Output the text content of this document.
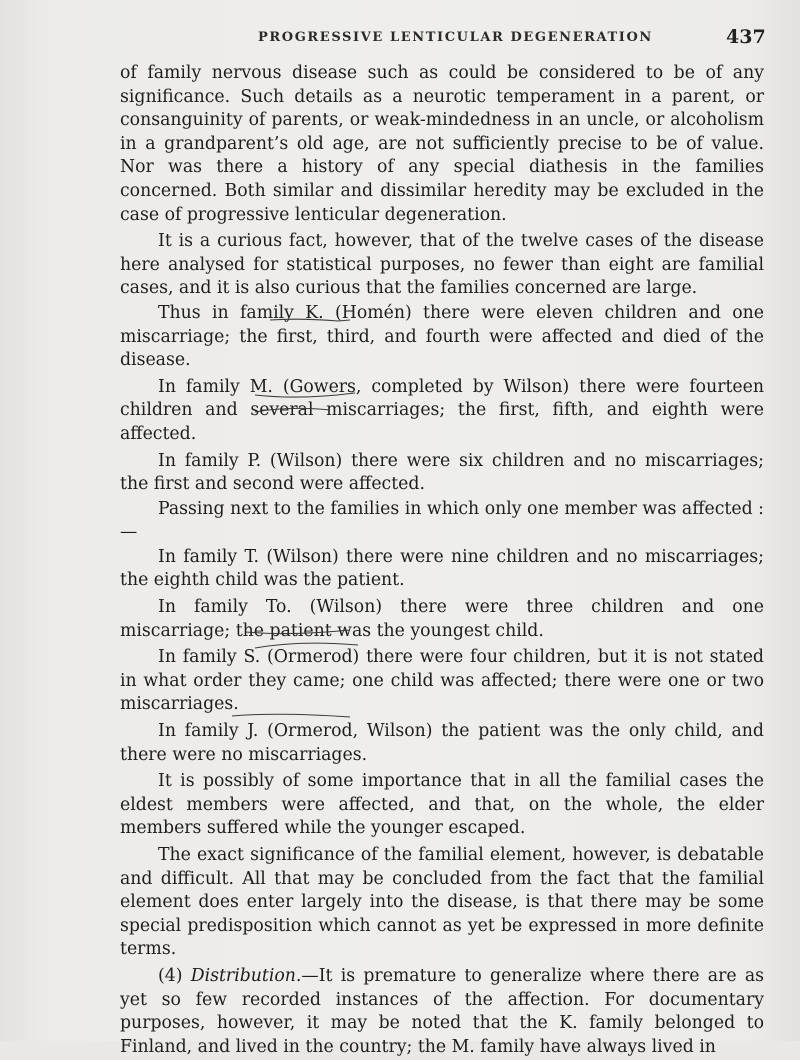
PROGRESSIVE LENTICULAR DEGENERATION	437

of family nervous disease such as could be considered to be of any significance. Such details as a neurotic temperament in a parent, or consanguinity of parents, or weak-mindedness in an uncle, or alcoholism in a grandparent’s old age, are not sufficiently precise to be of value. Nor was there a history of any special diathesis in the families concerned. Both similar and dissimilar heredity may be excluded in the case of progressive lenticular degeneration.

It is a curious fact, however, that of the twelve cases of the disease here analysed for statistical purposes, no fewer than eight are familial cases, and it is also curious that the families concerned are large.

Thus in family K. (Homén) there were eleven children and one miscarriage; the first, third, and fourth were affected and died of the disease.

In family M. (Gowers, completed by Wilson) there were fourteen children and several miscarriages; the first, fifth, and eighth were affected.

In family P. (Wilson) there were six children and no miscarriages; the first and second were affected.

Passing next to the families in which only one member was affected :—

In family T. (Wilson) there were nine children and no miscarriages; the eighth child was the patient.

In family To. (Wilson) there were three children and one miscarriage; the patient was the youngest child.

In family S. (Ormerod) there were four children, but it is not stated in what order they came; one child was affected; there were one or two miscarriages.

In family J. (Ormerod, Wilson) the patient was the only child, and there were no miscarriages.

It is possibly of some importance that in all the familial cases the eldest members were affected, and that, on the whole, the elder members suffered while the younger escaped.

The exact significance of the familial element, however, is debatable and difficult. All that may be concluded from the fact that the familial element does enter largely into the disease, is that there may be some special predisposition which cannot as yet be expressed in more definite terms.

(4) Distribution.—It is premature to generalize where there are as yet so few recorded instances of the affection. For documentary purposes, however, it may be noted that the K. family belonged to Finland, and lived in the country; the M. family have always lived in
